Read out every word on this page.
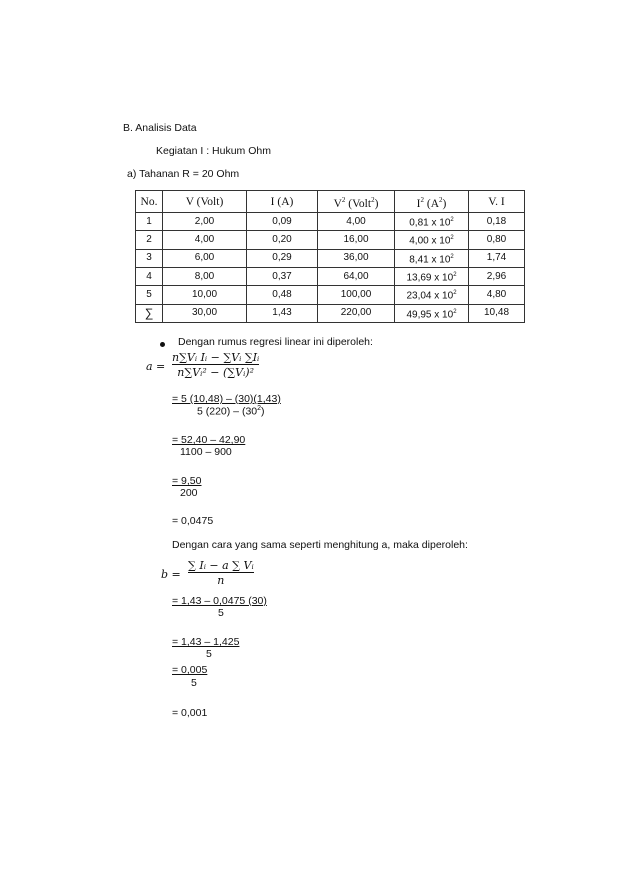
B. Analisis Data
Kegiatan I : Hukum Ohm
a) Tahanan R = 20 Ohm
No.	V (Volt)	I (A)	$V^2$ (Volt$^2$)	$I^2$ $(A^2)$	V. I
1	2,00	0,09	4,00	0,81 x $10^2$	0,18
2	4,00	0,20	16,00	4,00 x $10^2$	0,80
3	6,00	0,29	36,00	8,41 x $10^2$	1,74
4	8,00	0,37	64,00	13,69 x $10^2$	2,96
5	10,00	0,48	100,00	23,04 x $10^2$	4,80
∑	30,00	1,43	220,00	49,95 x $10^2$	10,48
Dengan rumus regresi linear ini diperoleh:
$a = \frac{\text{n∑Vᵢ Iᵢ − ∑Vᵢ ∑Iᵢ}}{\text{n∑Vᵢ² − (∑Vᵢ)²}}$
= 5 (10,48) – (30)(1,43)
5 $(220) - (30^2)$
= 52,40 – 42,90
1100 – 900
= 9,50
200
= 0,0475
Dengan cara yang sama seperti menghitung a, maka diperoleh:
$b = \frac{\text{∑ Iᵢ − a ∑ Vᵢ}}{n}$
= 1,43 – 0,0475 (30)
5
= 1,43 – 1,425
5
= 0,005
5
= 0,001
